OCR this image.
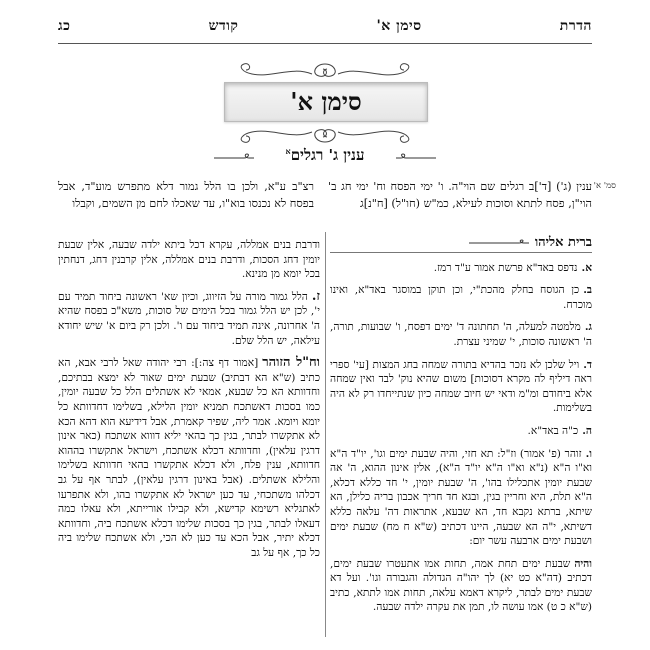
כג	קודש	סימן א'	הדרת
סימן א'
ענין ג' רגלים$^א$
סמ' א'
ענין (ג') [ד']ב רגלים שם הוי"ה. ו' ימי הפסח וח' ימי חג ב' הוי"ן, פסח לתתא וסוכות לעילא, כמ"ש (חו"ל) [ח"נ]ג
רצ"ב ע"א, ולכן בו הלל גמור דלא מתפרש מוע"ד, אבל בפסח לא נכנסו בוא"ו, עד שאכלו לחם מן השמים, וקבלו
ברית אליהו
א.נדפס באד"א פרשת אמור ע"ד רמז.
ב.כן הגוסח בחלק מהכת"י, וכן תוקן במוסגר באד"א, ואינו מוכרח.
ג.מלמטה למעלה, ה' תחתונה ד' ימים דפסח, ו' שבועות, תורה, ה' ראשונה סוכות, י' שמיני עצרת.
ד.ויל שלכן לא נזכר בהדיא בתורה שמחה בחג המצות [עי' ספרי ראה דיליף לה מקרא דסוכות] משום שהיא נוק' לבד ואין שמחה אלא ביחודם ומ"מ ודאי יש חיוב שמחה כיון שנתייחדו רק לא היה בשלימות.
ה.כ"ה באד"א.
ו.זוהר (פ' אמור) וז"ל: תא חזי, והיה שבעת ימים וגו', יו"ד ה"א וא"ו ה"א (נ"א וא"ו ה"א יו"ד ה"א), אלין אינון ההוא, ה' אה שבעת יומין אתכלילו בהו', ה' שבעת יומין, י' חד כללא דכלא, ה"א תלת, היא וחריין בגין, ובגא חד חריך אכבון בריה כלילן, הא שיתא, ברתא נקבא חד, הא שבעא, אתראות דה' עלאה כללא דשיתא, י"ה הא שבעה, היינו דכתיב (ש"א ח מח) שבעת ימים ושבעת ימים ארבעה עשר יום:
והיהשבעת ימים תחת אמה, תחות אמו אתעטרו שבעת ימים, דכתיב (דה"א כט יא) לך יהו"ה הגדולה והגבורה וגו'. ועל דא שבעת ימים לבתר, ליקרא דאמא עלאה, תחות אמו לתתא, כתיב (ש"א כ ט) אמו עושה לו, תמן את עקרה ילדה שבעה.
ודרבת בנים אמללה, עקרא דכל ביתא ילדה שבעה, אלין שבעת יומין דחג הסכות, ודרבת בנים אמללה, אלין קרבנין דחג, דנחתין בכל יומא מן מנינא.
ז.הלל גמור מורה על הזיווג, וכיון שא' ראשונה ביחוד תמיד עם י', לכן יש הלל גמור בכל הימים של סוכות, משא"כ בפסח שהיא ה' אחרונה, אינה תמיד ביחוד עם ו'. ולכן רק ביום א' שיש יחודא עילאה, יש הלל שלם.
וח"ל הזוהר[אמור דף צה:]: רבי יהודה שאל לרבי אבא, הא כתיב (ש"א הא דבתיב) שבעת ימים שאור לא ימצא בבתיכם, וחדוותא הא כל שבעא, אמאי לא אשתלים הלל כל שבעה יומין, כמו בסכות דאשתכח תמניא יומין הלילא, בשלימו דחדוותא כל יומא ויומא. אמר ליה, שפיר קאמרת, אבל דידיעא הוא דהא הכא לא אתקשרו לבתר, בגין כך בהאי יליא דוווא אשתכח (כאר אינון דרגין עלאין), וחדוותא דכלא אשתכח, וישראל אתקשרו בההוא חדוותא, ענין פלח, ולא דכלא אתקשרו בהאי חדוותא בשלימו והלילא אשתלים. (אבל באינון דרגין עלאין), לבתר אף על גב דכלהו משתכחי, עד כען ישראל לא אתקשרו בהו, ולא אתפרעו לאתגליא רשימא קדישא, ולא קבילו אורייתא, ולא עאלו כמה דעאלו לבתר, בגין כך בסכות שלימו דכלא אשתכח ביה, וחדוותא דכלא יתיר, אבל הכא עד כען לא הכי, ולא אשתכח שלימו ביה כל כך, אף על גב
